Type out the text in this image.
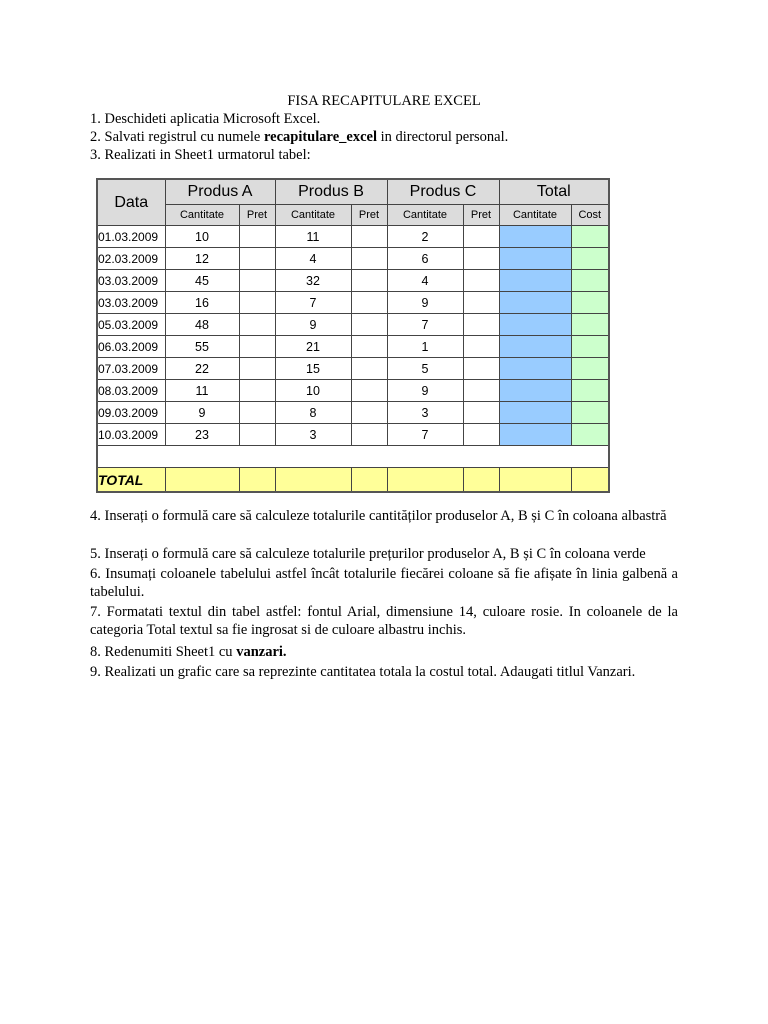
FISA RECAPITULARE EXCEL

1. Deschideti aplicatia Microsoft Excel.

2. Salvati registrul cu numele recapitulare_excel in directorul personal.

3. Realizati in Sheet1 urmatorul tabel:

Data	Produs A		Produs B		Produs C		Total	
	Cantitate	Pret	Cantitate	Pret	Cantitate	Pret	Cantitate	Cost
01.03.2009	10		11		2			
02.03.2009	12		4		6			
03.03.2009	45		32		4			
03.03.2009	16		7		9			
05.03.2009	48		9		7			
06.03.2009	55		21		1			
07.03.2009	22		15		5			
08.03.2009	11		10		9			
09.03.2009	9		8		3			
10.03.2009	23		3		7			

TOTAL								

4. Inserați o formulă care să calculeze totalurile cantităților produselor A, B și C în coloana albastră

5. Inserați o formulă care să calculeze totalurile prețurilor produselor A, B și C în coloana verde

6. Insumați coloanele tabelului astfel încât totalurile fiecărei coloane să fie afișate în linia galbenă a tabelului.

7. Formatati textul din tabel astfel: fontul Arial, dimensiune 14, culoare rosie. In coloanele de la categoria Total textul sa fie ingrosat si de culoare albastru inchis.

8. Redenumiti Sheet1 cu vanzari.

9. Realizati un grafic care sa reprezinte cantitatea totala la costul total. Adaugati titlul Vanzari.
